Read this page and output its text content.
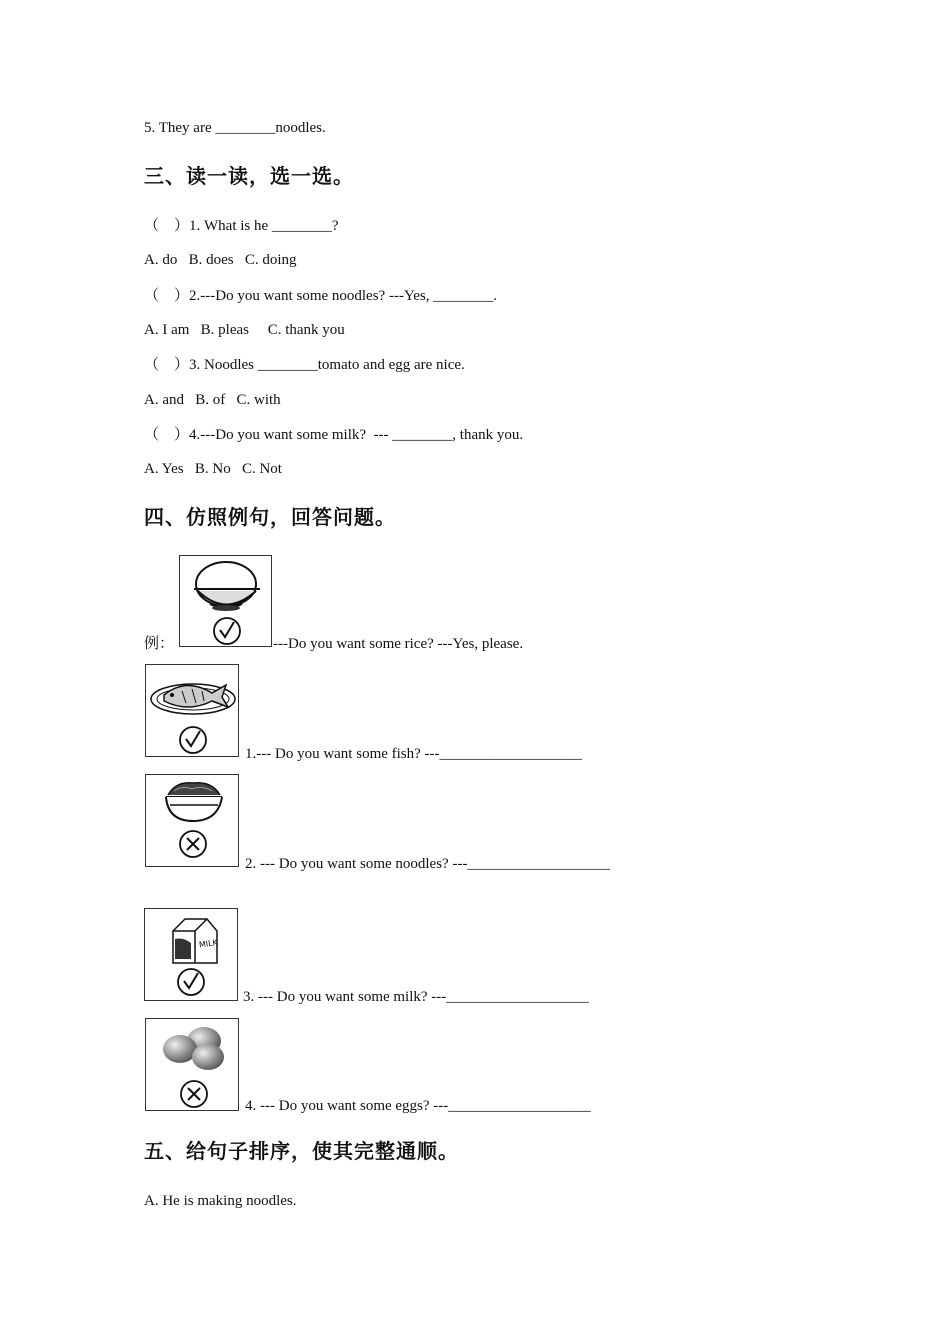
5. They are ________noodles.
三、读一读，选一选。
（    ）1. What is he ________?
A. do   B. does   C. doing
（    ）2.---Do you want some noodles? ---Yes, ________.
A. I am   B. pleas     C. thank you
（    ）3. Noodles ________tomato and egg are nice.
A. and   B. of   C. with
（    ）4.---Do you want some milk?  --- ________, thank you.
A. Yes   B. No   C. Not
四、仿照例句，回答问题。
例：	---Do you want some rice? ---Yes, please.
1.--- Do you want some fish? ---___________________
2. --- Do you want some noodles? ---___________________
MILK
3. --- Do you want some milk? ---___________________
4. --- Do you want some eggs? ---___________________
五、给句子排序，使其完整通顺。
A. He is making noodles.
